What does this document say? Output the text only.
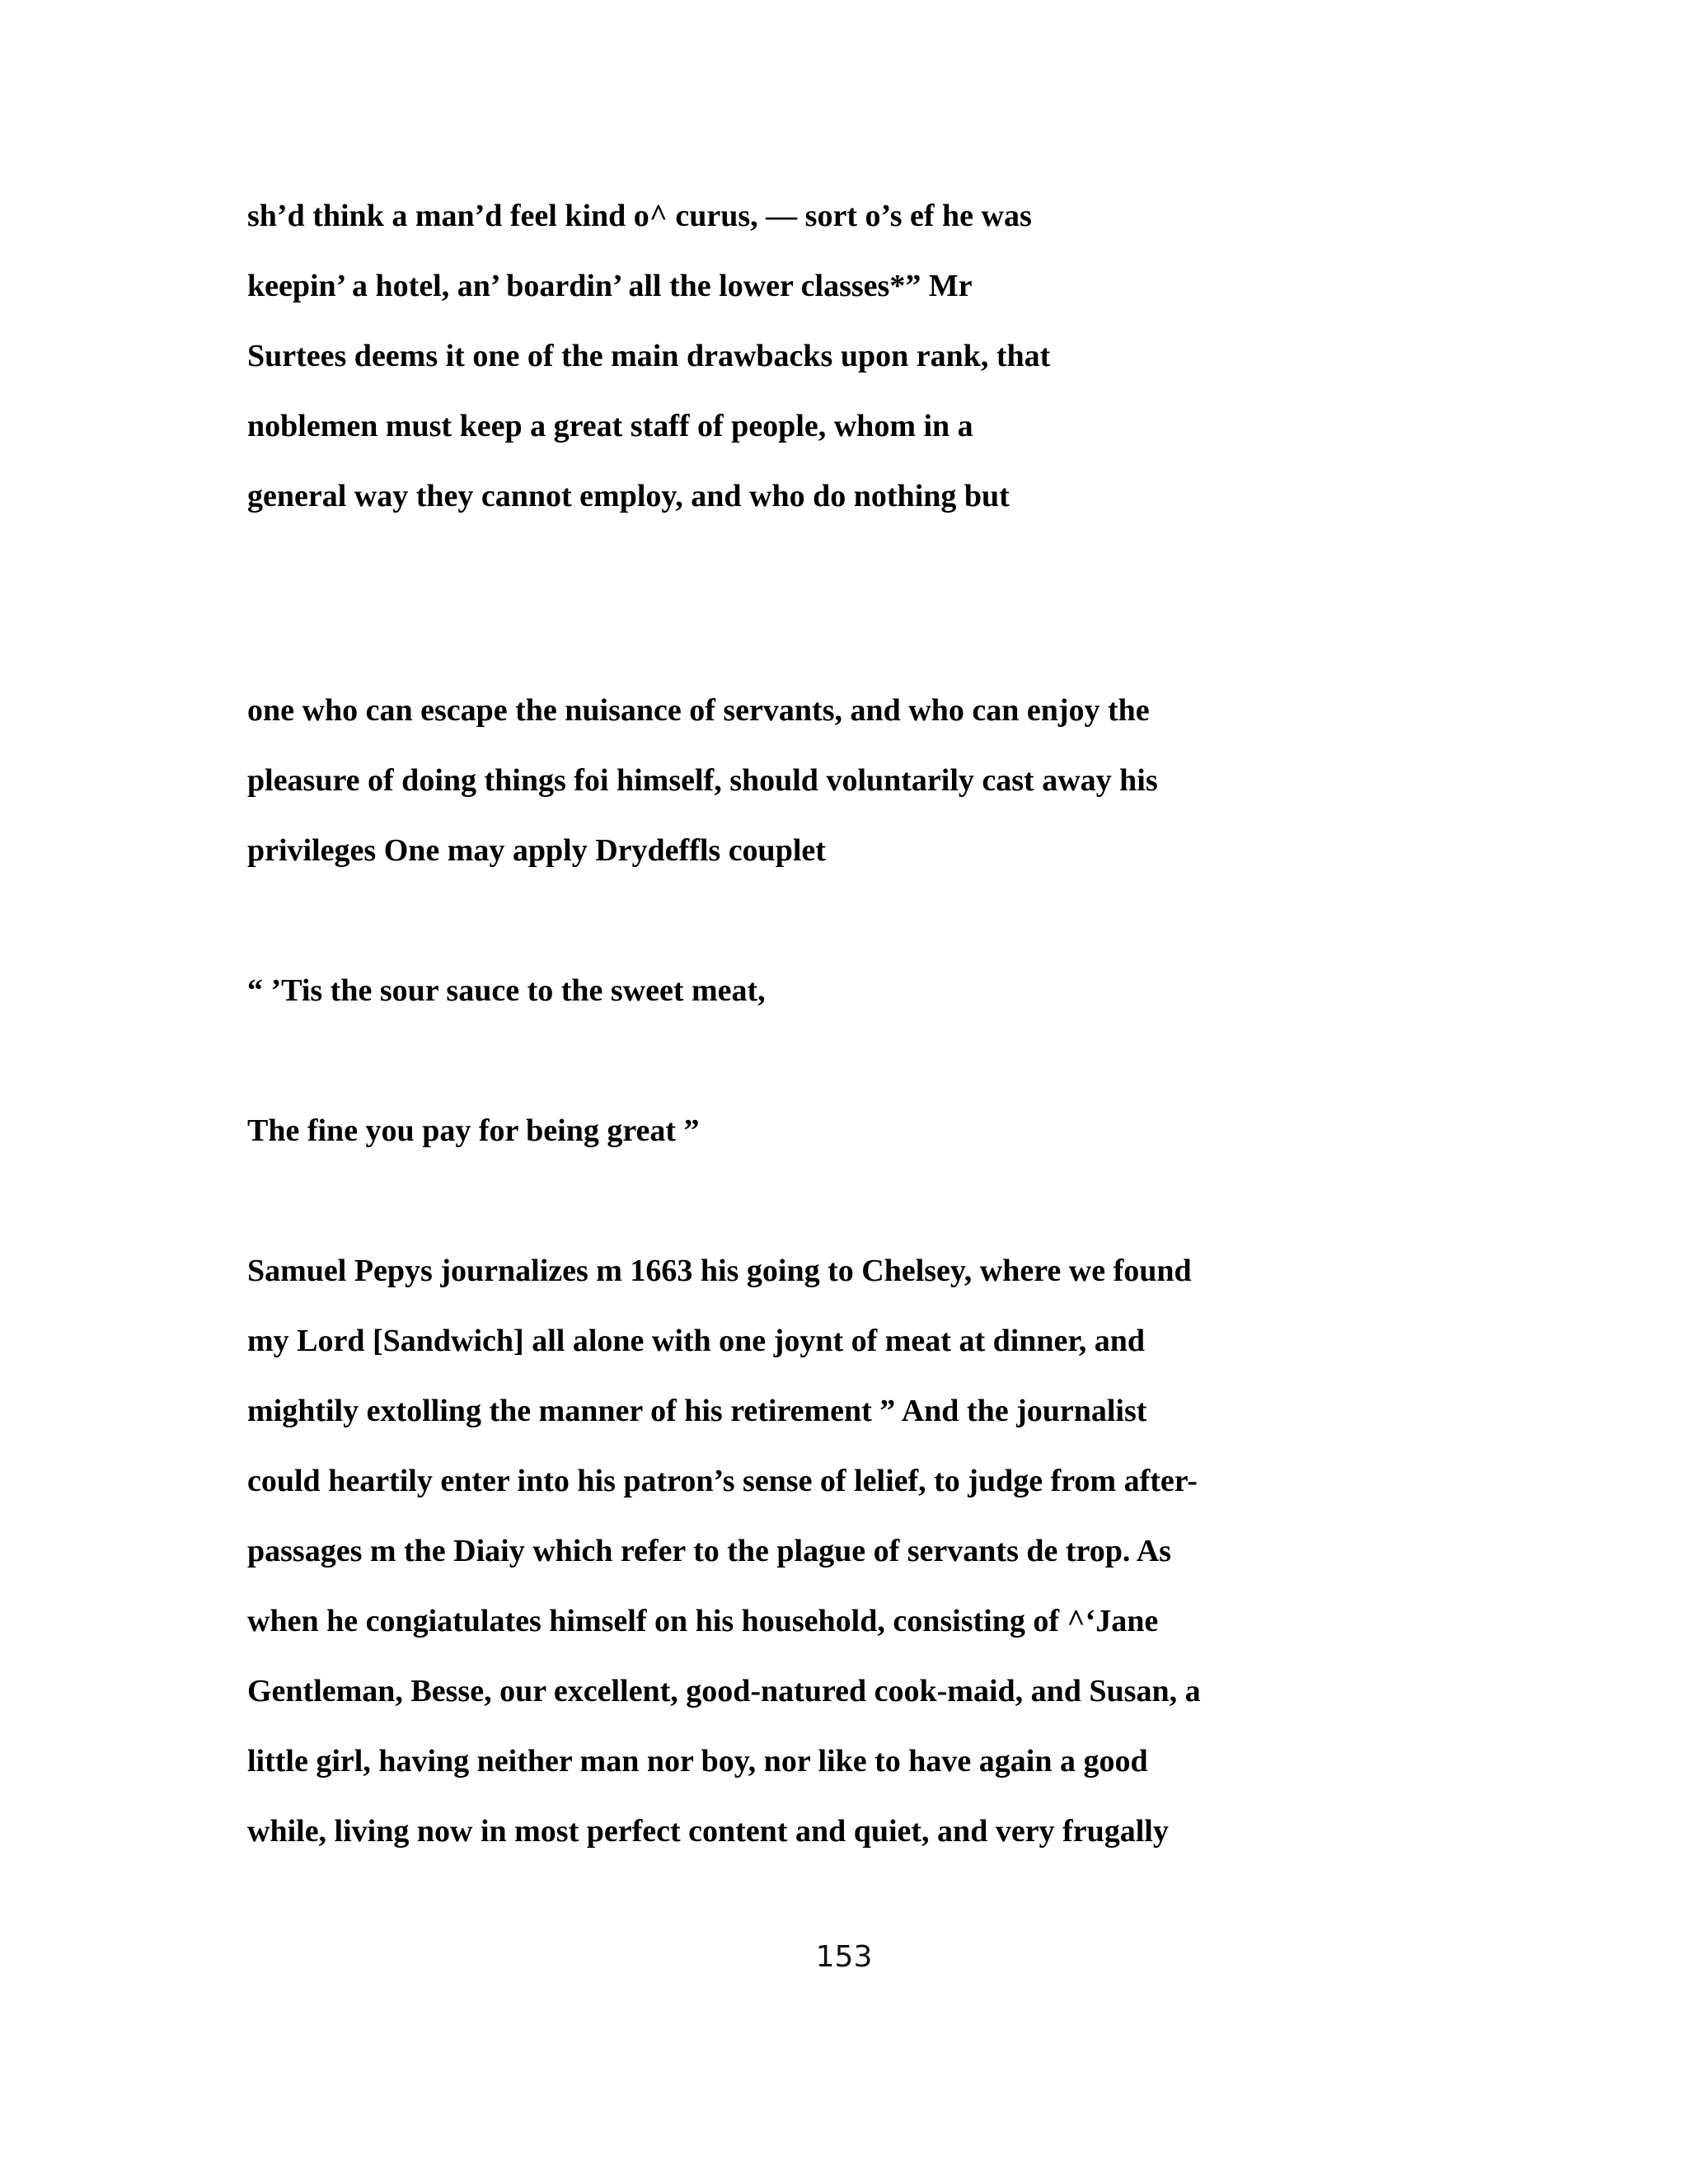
sh’d think a man’d feel kind o^ curus, — sort o’s ef he was

keepin’ a hotel, an’ boardin’ all the lower classes*” Mr

Surtees deems it one of the main drawbacks upon rank, that

noblemen must keep a great staff of people, whom in a

general way they cannot employ, and who do nothing but

one who can escape the nuisance of servants, and who can enjoy the

pleasure of doing things foi himself, should voluntarily cast away his

privileges One may apply Drydeffls couplet

“ ’Tis the sour sauce to the sweet meat,

The fine you pay for being great ”

Samuel Pepys journalizes m 1663 his going to Chelsey, where we found

my Lord [Sandwich] all alone with one joynt of meat at dinner, and

mightily extolling the manner of his retirement ” And the journalist

could heartily enter into his patron’s sense of lelief, to judge from after-

passages m the Diaiy which refer to the plague of servants de trop. As

when he congiatulates himself on his household, consisting of ^‘Jane

Gentleman, Besse, our excellent, good-natured cook-maid, and Susan, a

little girl, having neither man nor boy, nor like to have again a good

while, living now in most perfect content and quiet, and very frugally

153
